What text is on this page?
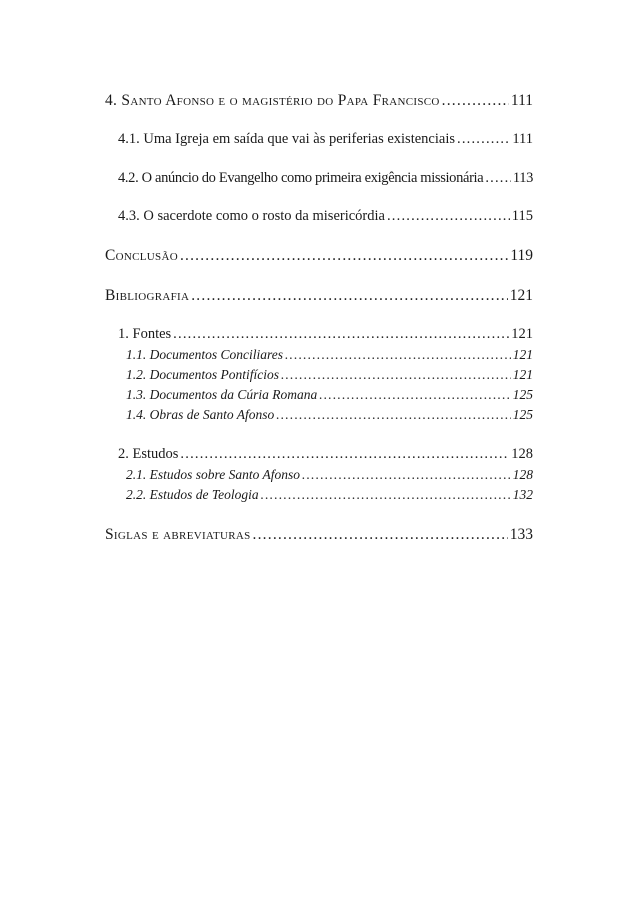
4. Santo Afonso e o magistério do Papa Francisco .....	111
4.1. Uma Igreja em saída que vai às periferias existenciais .....	111
4.2. O anúncio do Evangelho como primeira exigência missionária ..... 113
4.3. O sacerdote como o rosto da misericórdia .....	115
Conclusão .....	119
Bibliografia .....	121
1. Fontes .....	121
1.1. Documentos Conciliares .....	121
1.2. Documentos Pontifícios .....	121
1.3. Documentos da Cúria Romana .....	125
1.4. Obras de Santo Afonso .....	125
2. Estudos .....	128
2.1. Estudos sobre Santo Afonso .....	128
2.2. Estudos de Teologia .....	132
Siglas e abreviaturas .....	133
